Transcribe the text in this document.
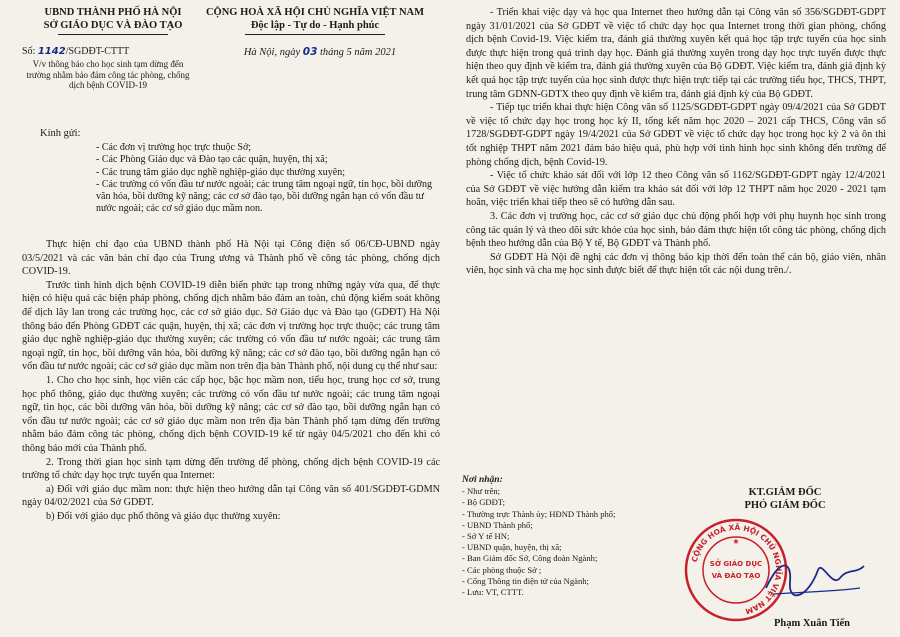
UBND THÀNH PHỐ HÀ NỘI
SỞ GIÁO DỤC VÀ ĐÀO TẠO
CỘNG HOÀ XÃ HỘI CHỦ NGHĨA VIỆT NAM
Độc lập - Tự do - Hạnh phúc
Số: 1142/SGDĐT-CTTT
V/v thông báo cho học sinh tạm dừng đến trường nhằm bảo đảm công tác phòng, chống dịch bệnh COVID-19
Hà Nội, ngày 03 tháng 5 năm 2021
Kính gửi:
- Các đơn vị trường học trực thuộc Sở;
- Các Phòng Giáo dục và Đào tạo các quận, huyện, thị xã;
- Các trung tâm giáo dục nghề nghiệp-giáo dục thường xuyên;
- Các trường có vốn đầu tư nước ngoài; các trung tâm ngoại ngữ, tin học, bồi dưỡng văn hóa, bồi dưỡng kỹ năng; các cơ sở đào tạo, bồi dưỡng ngắn hạn có vốn đầu tư nước ngoài; các cơ sở giáo dục mầm non.

Thực hiện chỉ đạo của UBND thành phố Hà Nội tại Công điện số 06/CĐ-UBND ngày 03/5/2021 và các văn bản chỉ đạo của Trung ương và Thành phố về công tác phòng, chống dịch COVID-19.

Trước tình hình dịch bệnh COVID-19 diễn biến phức tạp trong những ngày vừa qua, để thực hiện có hiệu quả các biện pháp phòng, chống dịch nhằm bảo đảm an toàn, chủ động kiểm soát không để dịch lây lan trong các trường học, các cơ sở giáo dục. Sở Giáo dục và Đào tạo (GDĐT) Hà Nội thông báo đến Phòng GDĐT các quận, huyện, thị xã; các đơn vị trường học trực thuộc; các trung tâm giáo dục nghề nghiệp-giáo dục thường xuyên; các trường có vốn đầu tư nước ngoài; các trung tâm ngoại ngữ, tin học, bồi dưỡng văn hóa, bồi dưỡng kỹ năng; các cơ sở đào tạo, bồi dưỡng ngắn hạn có vốn đầu tư nước ngoài; các cơ sở giáo dục mầm non trên địa bàn Thành phố, nội dung cụ thể như sau:

1. Cho cho học sinh, học viên các cấp học, bậc học mầm non, tiểu học, trung học cơ sở, trung học phổ thông, giáo dục thường xuyên; các trường có vốn đầu tư nước ngoài; các trung tâm ngoại ngữ, tin học, các bồi dưỡng văn hóa, bồi dưỡng kỹ năng; các cơ sở đào tạo, bồi dưỡng ngắn hạn có vốn đầu tư nước ngoài; các cơ sở giáo dục mầm non trên địa bàn Thành phố tạm dừng đến trường nhằm bảo đảm công tác phòng, chống dịch bệnh COVID-19 kể từ ngày 04/5/2021 cho đến khi có thông báo mới của Thành phố.

2. Trong thời gian học sinh tạm dừng đến trường để phòng, chống dịch bệnh COVID-19 các trường tổ chức dạy học trực tuyến qua Internet:

a) Đối với giáo dục mầm non: thực hiện theo hướng dẫn tại Công văn số 401/SGDĐT-GDMN ngày 04/02/2021 của Sở GDĐT.

b) Đối với giáo dục phổ thông và giáo dục thường xuyên:

- Triển khai việc dạy và học qua Internet theo hướng dẫn tại Công văn số 356/SGDĐT-GDPT ngày 31/01/2021 của Sở GDĐT về việc tổ chức dạy học qua Internet trong thời gian phòng, chống dịch bệnh Covid-19. Việc kiểm tra, đánh giá thường xuyên kết quả học tập trực tuyến của học sinh được thực hiện trong quá trình dạy học. Đánh giá thường xuyên trong dạy học trực tuyến được thực hiện theo quy định về kiểm tra, đánh giá thường xuyên của Bộ GDĐT. Việc kiểm tra, đánh giá định kỳ kết quả học tập trực tuyến của học sinh được thực hiện trực tiếp tại các trường tiểu học, THCS, THPT, trung tâm GDNN-GDTX theo quy định về kiểm tra, đánh giá định kỳ của Bộ GDĐT.

- Tiếp tục triển khai thực hiện Công văn số 1125/SGDĐT-GDPT ngày 09/4/2021 của Sở GDĐT về việc tổ chức dạy học trong học kỳ II, tổng kết năm học 2020 – 2021 cấp THCS, Công văn số 1728/SGDĐT-GDPT ngày 19/4/2021 của Sở GDĐT về việc tổ chức dạy học trong học kỳ 2 và ôn thi tốt nghiệp THPT năm 2021 đảm bảo hiệu quả, phù hợp với tình hình học sinh không đến trường để phòng chống dịch, bệnh Covid-19.

- Việc tổ chức khảo sát đối với lớp 12 theo Công văn số 1162/SGDĐT-GDPT ngày 12/4/2021 của Sở GDĐT về việc hướng dẫn kiểm tra khảo sát đối với lớp 12 THPT năm học 2020 - 2021 tạm hoãn, việc triển khai tiếp theo sẽ có hướng dẫn sau.

3. Các đơn vị trường học, các cơ sở giáo dục chủ động phối hợp với phụ huynh học sinh trong công tác quản lý và theo dõi sức khỏe của học sinh, bảo đảm thực hiện tốt công tác phòng, chống dịch bệnh theo hướng dẫn của Bộ Y tế, Bộ GDĐT và Thành phố.

Sở GDĐT Hà Nội đề nghị các đơn vị thông báo kịp thời đến toàn thể cán bộ, giáo viên, nhân viên, học sinh và cha mẹ học sinh được biết để thực hiện tốt các nội dung trên./.

Nơi nhận:
- Như trên;
- Bộ GDĐT;
- Thường trực Thành ủy; HĐND Thành phố;
- UBND Thành phố;
- Sở Y tế HN;
- UBND quận, huyện, thị xã;
- Ban Giám đốc Sở, Công đoàn Ngành;
- Các phòng thuộc Sở ;
- Cổng Thông tin điện tử của Ngành;
- Lưu: VT, CTTT.
KT.GIÁM ĐỐC
PHÓ GIÁM ĐỐC
CỘNG HOÀ XÃ HỘI CHỦ NGHĨA VIỆT NAM
SỞ GIÁO DỤC
VÀ ĐÀO TẠO
★
Phạm Xuân Tiến
